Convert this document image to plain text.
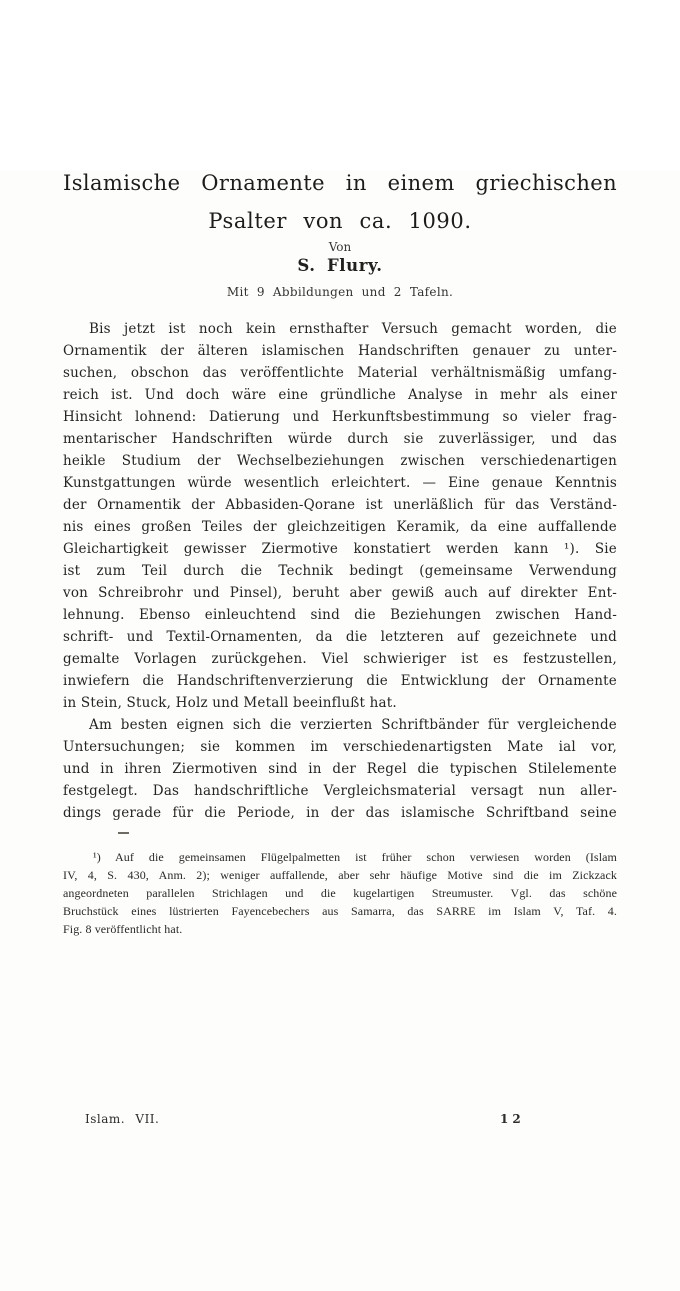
Islamische Ornamente in einem griechischen
Psalter von ca. 1090.
Von
S. Flury.
Mit 9 Abbildungen und 2 Tafeln.
Bis jetzt ist noch kein ernsthafter Versuch gemacht worden, die
Ornamentik der älteren islamischen Handschriften genauer zu unter-
suchen, obschon das veröffentlichte Material verhältnismäßig umfang-
reich ist. Und doch wäre eine gründliche Analyse in mehr als einer
Hinsicht lohnend: Datierung und Herkunftsbestimmung so vieler frag-
mentarischer Handschriften würde durch sie zuverlässiger, und das
heikle Studium der Wechselbeziehungen zwischen verschiedenartigen
Kunstgattungen würde wesentlich erleichtert. — Eine genaue Kenntnis
der Ornamentik der Abbasiden-Qorane ist unerläßlich für das Verständ-
nis eines großen Teiles der gleichzeitigen Keramik, da eine auffallende
Gleichartigkeit gewisser Ziermotive konstatiert werden kann ¹). Sie
ist zum Teil durch die Technik bedingt (gemeinsame Verwendung
von Schreibrohr und Pinsel), beruht aber gewiß auch auf direkter Ent-
lehnung. Ebenso einleuchtend sind die Beziehungen zwischen Hand-
schrift- und Textil-Ornamenten, da die letzteren auf gezeichnete und
gemalte Vorlagen zurückgehen. Viel schwieriger ist es festzustellen,
inwiefern die Handschriftenverzierung die Entwicklung der Ornamente
in Stein, Stuck, Holz und Metall beeinflußt hat.
Am besten eignen sich die verzierten Schriftbänder für vergleichende
Untersuchungen; sie kommen im verschiedenartigsten Mate ial vor,
und in ihren Ziermotiven sind in der Regel die typischen Stilelemente
festgelegt. Das handschriftliche Vergleichsmaterial versagt nun aller-
dings gerade für die Periode, in der das islamische Schriftband seine
¹) Auf die gemeinsamen Flügelpalmetten ist früher schon verwiesen worden (Islam
IV, 4, S. 430, Anm. 2); weniger auffallende, aber sehr häufige Motive sind die im Zickzack
angeordneten parallelen Strichlagen und die kugelartigen Streumuster. Vgl. das schöne
Bruchstück eines lüstrierten Fayencebechers aus Samarra, das SARRE im Islam V, Taf. 4.
Fig. 8 veröffentlicht hat.
Islam. VII.	12
